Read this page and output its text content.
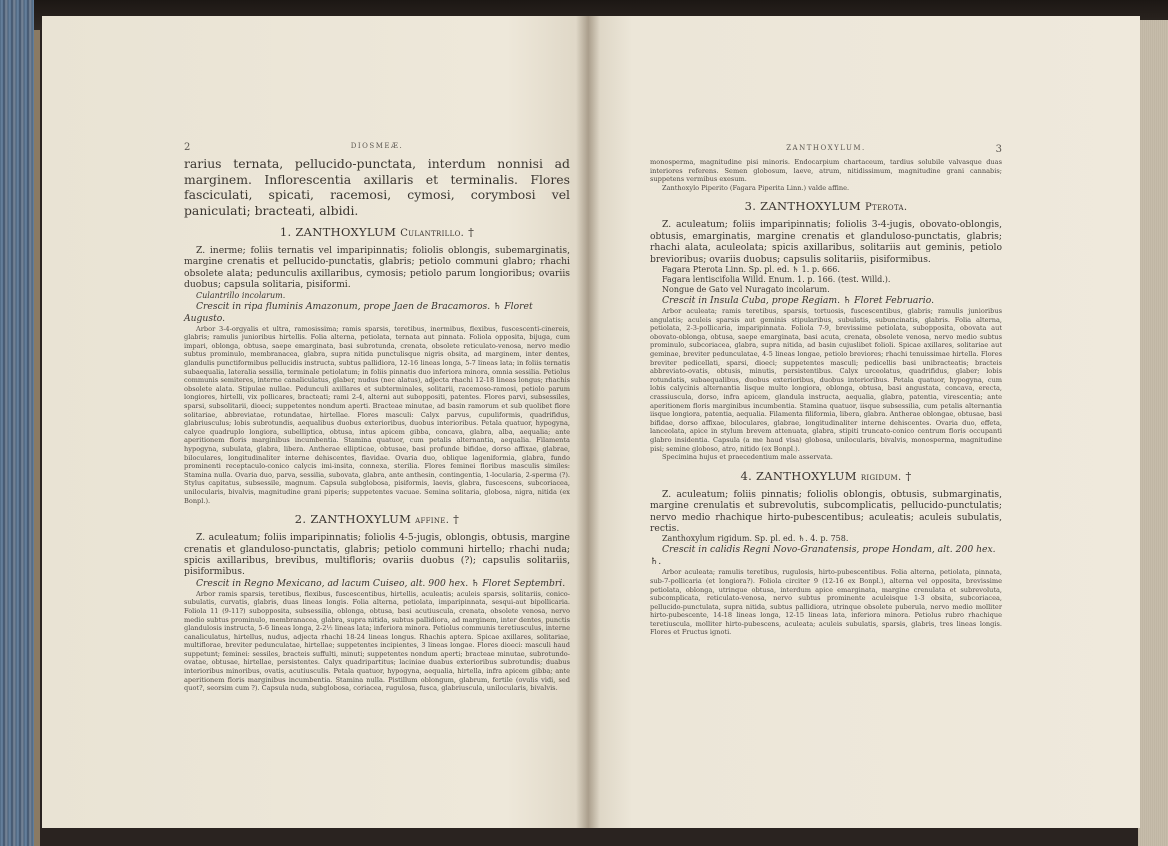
2	DIOSMEÆ.
rarius ternata, pellucido-punctata, interdum nonnisi ad marginem. Inflorescentia axillaris et terminalis. Flores fasciculati, spicati, racemosi, cymosi, corymbosi vel paniculati; bracteati, albidi.
1. ZANTHOXYLUM Culantrillo. †

Z. inerme; foliis ternatis vel imparipinnatis; foliolis oblongis, subemarginatis, margine crenatis et pellucido-punctatis, glabris; petiolo communi glabro; rhachi obsolete alata; pedunculis axillaribus, cymosis; petiolo parum longioribus; ovariis duobus; capsula solitaria, pisiformi.

Culantrillo incolarum.

Crescit in ripa fluminis Amazonum, prope Jaen de Bracamoros. ♄ Floret Augusto.

Arbor 3-4-orgyalis et ultra, ramosissima; ramis sparsis, teretibus, inermibus, flexibus, fuscescenti-cinereis, glabris; ramulis junioribus hirtellis. Folia alterna, petiolata, ternata aut pinnata. Foliola opposita, bijuga, cum impari, oblonga, obtusa, saepe emarginata, basi subrotunda, crenata, obsolete reticulato-venosa, nervo medio subtus prominulo, membranacea, glabra, supra nitida punctulisque nigris obsita, ad marginem, inter dentes, glandulis punctiformibus pellucidis instructa, subtus pallidiora, 12-16 lineas longa, 5-7 lineas lata; in foliis ternatis subaequalia, lateralia sessilia, terminale petiolatum; in foliis pinnatis duo inferiora minora, omnia sessilia. Petiolus communis semiteres, interne canaliculatus, glaber, nudus (nec alatus), adjecta rhachi 12-18 lineas longus; rhachis obsolete alata. Stipulae nullae. Pedunculi axillares et subterminales, solitarii, racemoso-ramosi, petiolo parum longiores, hirtelli, vix pollicares, bracteati; rami 2-4, alterni aut suboppositi, patentes. Flores parvi, subsessiles, sparsi, subsolitarii, dioeci; suppetentes nondum aperti. Bracteae minutae, ad basin ramorum et sub quolibet flore solitariae, abbreviatae, rotundatae, hirtellae. Flores masculi: Calyx parvus, cupuliformis, quadrifidus, glabriusculus; lobis subrotundis, aequalibus duobus exterioribus, duobus interioribus. Petala quatuor, hypogyna, calyce quadruplo longiora, subelliptica, obtusa, intus apicem gibba, concava, glabra, alba, aequalia; ante aperitionem floris marginibus incumbentia. Stamina quatuor, cum petalis alternantia, aequalia. Filamenta hypogyna, subulata, glabra, libera. Antherae ellipticae, obtusae, basi profunde bifidae, dorso affixae, glabrae, biloculares, longitudinaliter interne dehiscentes, flavidae. Ovaria duo, oblique lageniformia, glabra, fundo prominenti receptaculo-conico calycis imi-insita, connexa, sterilia. Flores feminei floribus masculis similes: Stamina nulla. Ovaria duo, parva, sessilia, subovata, glabra, ante anthesin, contingentia, 1-locularia, 2-sperma (?). Stylus capitatus, subsessile, magnum. Capsula subglobosa, pisiformis, laevis, glabra, fuscescens, subcoriacea, unilocularis, bivalvis, magnitudine grani piperis; suppetentes vacuae. Semina solitaria, globosa, nigra, nitida (ex Bonpl.).

2. ZANTHOXYLUM affine. †

Z. aculeatum; foliis imparipinnatis; foliolis 4-5-jugis, oblongis, obtusis, margine crenatis et glanduloso-punctatis, glabris; petiolo communi hirtello; rhachi nuda; spicis axillaribus, brevibus, multifloris; ovariis duobus (?); capsulis solitariis, pisiformibus.

Crescit in Regno Mexicano, ad lacum Cuiseo, alt. 900 hex. ♄ Floret Septembri.

Arbor ramis sparsis, teretibus, flexibus, fuscescentibus, hirtellis, aculeatis; aculeis sparsis, solitariis, conico-subulatis, curvatis, glabris, duas lineas longis. Folia alterna, petiolata, imparipinnata, sesqui-aut bipollicaria. Foliola 11 (9-11?) subopposita, subsessilia, oblonga, obtusa, basi acutiuscula, crenata, obsolete venosa, nervo medio subtus prominulo, membranacea, glabra, supra nitida, subtus pallidiora, ad marginem, inter dentes, punctis glandulosis instructa, 5-6 lineas longa, 2-2½ lineas lata; inferiora minora. Petiolus communis teretiusculus, interne canaliculatus, hirtellus, nudus, adjecta rhachi 18-24 lineas longus. Rhachis aptera. Spicae axillares, solitariae, multiflorae, breviter pedunculatae, hirtellae; suppetentes incipientes, 3 lineas longae. Flores dioeci: masculi haud suppetunt; feminei: sessiles, bracteis suffulti, minuti; suppetentes nondum aperti; bracteae minutae, subrotundo-ovatae, obtusae, hirtellae, persistentes. Calyx quadripartitus; laciniae duabus exterioribus subrotundis; duabus interioribus minoribus, ovatis, acutiusculis. Petala quatuor, hypogyna, aequalia, hirtella, infra apicem gibba; ante aperitionem floris marginibus incumbentia. Stamina nulla. Pistillum oblongum, glabrum, fertile (ovulis vidi, sed quot?, seorsim cum ?). Capsula nuda, subglobosa, coriacea, rugulosa, fusca, glabriuscula, unilocularis, bivalvis.

ZANTHOXYLUM.	3

monosperma, magnitudine pisi minoris. Endocarpium chartaceum, tardius solubile valvasque duas interiores referens. Semen globosum, laeve, atrum, nitidissimum, magnitudine grani cannabis; suppetens vermibus exesum.

Zanthoxylo Piperito (Fagara Piperita Linn.) valde affine.

3. ZANTHOXYLUM Pterota.

Z. aculeatum; foliis imparipinnatis; foliolis 3-4-jugis, obovato-oblongis, obtusis, emarginatis, margine crenatis et glanduloso-punctatis, glabris; rhachi alata, aculeolata; spicis axillaribus, solitariis aut geminis, petiolo brevioribus; ovariis duobus; capsulis solitariis, pisiformibus.

Fagara Pterota Linn. Sp. pl. ed. ♄ 1. p. 666.

Fagara lentiscifolia Willd. Enum. 1. p. 166. (test. Willd.).

Nongue de Gato vel Nuragato incolarum.

Crescit in Insula Cuba, prope Regiam. ♄ Floret Februario.

Arbor aculeata; ramis teretibus, sparsis, tortuosis, fuscescentibus, glabris; ramulis junioribus angulatis; aculeis sparsis aut geminis stipularibus, subulatis, subuncinatis, glabris. Folia alterna, petiolata, 2-3-pollicaria, imparipinnata. Foliola 7-9, brevissime petiolata, subopposita, obovata aut obovato-oblonga, obtusa, saepe emarginata, basi acuta, crenata, obsolete venosa, nervo medio subtus prominulo, subcoriacea, glabra, supra nitida, ad basin cujuslibet folioli. Spicae axillares, solitariae aut geminae, breviter pedunculatae, 4-5 lineas longae, petiolo breviores; rhachi tenuissimae hirtella. Flores breviter pedicellati, sparsi, dioeci; suppetentes masculi; pedicellis basi unibracteatis; bracteis abbreviato-ovatis, obtusis, minutis, persistentibus. Calyx urceolatus, quadrifidus, glaber; lobis rotundatis, subaequalibus, duobus exterioribus, duobus interioribus. Petala quatuor, hypogyna, cum lobis calycinis alternantia lisque multo longiora, oblonga, obtusa, basi angustata, concava, erecta, crassiuscula, dorso, infra apicem, glandula instructa, aequalia, glabra, patentia, virescentia; ante aperitionem floris marginibus incumbentia. Stamina quatuor, iisque subsessilia, cum petalis alternantia iisque longiora, patentia, aequalia. Filamenta filiformia, libera, glabra. Antherae oblongae, obtusae, basi bifidae, dorso affixae, biloculares, glabrae, longitudinaliter interne dehiscentes. Ovaria duo, effeta, lanceolata, apice in stylum brevem attenuata, glabra, stipiti truncato-conico centrum floris occupanti glabro insidentia. Capsula (a me haud visa) globosa, unilocularis, bivalvis, monosperma, magnitudine pisi; semine globoso, atro, nitido (ex Bonpl.).

Specimina hujus et praecedentium male asservata.

4. ZANTHOXYLUM rigidum. †

Z. aculeatum; foliis pinnatis; foliolis oblongis, obtusis, submarginatis, margine crenulatis et subrevolutis, subcomplicatis, pellucido-punctulatis; nervo medio rhachique hirto-pubescentibus; aculeatis; aculeis subulatis, rectis.

Zanthoxylum rigidum. Sp. pl. ed. ♄. 4. p. 758.

Crescit in calidis Regni Novo-Granatensis, prope Hondam, alt. 200 hex. ♄.

Arbor aculeata; ramulis teretibus, rugulosis, hirto-pubescentibus. Folia alterna, petiolata, pinnata, sub-7-pollicaria (et longiora?). Foliola circiter 9 (12-16 ex Bonpl.), alterna vel opposita, brevissime petiolata, oblonga, utrinque obtusa, interdum apice emarginata, margine crenulata et subrevoluta, subcomplicata, reticulato-venosa, nervo subtus prominente aculeisque 1-3 obsita, subcoriacea, pellucido-punctulata, supra nitida, subtus pallidiora, utrinque obsolete puberula, nervo medio molliter hirto-pubescente, 14-18 lineas longa, 12-15 lineas lata, inferiora minora. Petiolus rubro rhachique teretiuscula, molliter hirto-pubescens, aculeata; aculeis subulatis, sparsis, glabris, tres lineas longis. Flores et Fructus ignoti.
